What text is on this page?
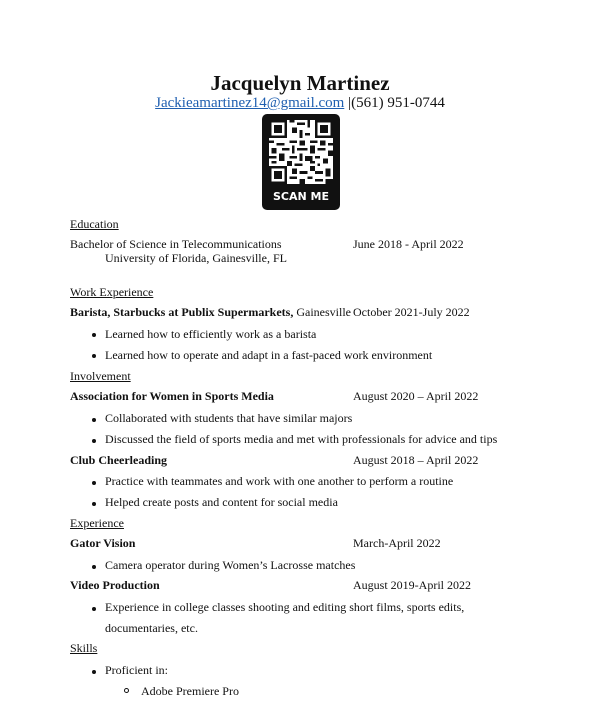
Jacquelyn Martinez
Jackieamartinez14@gmail.com |(561) 951-0744
SCAN ME
Education
Bachelor of Science in Telecommunications	June 2018 - April 2022
University of Florida, Gainesville, FL
Work Experience
Barista, Starbucks at Publix Supermarkets, Gainesville October 2021-July 2022
Learned how to efficiently work as a barista
Learned how to operate and adapt in a fast-paced work environment
Involvement
Association for Women in Sports Media	August 2020 – April 2022
Collaborated with students that have similar majors
Discussed the field of sports media and met with professionals for advice and tips
Club Cheerleading	August 2018 – April 2022
Practice with teammates and work with one another to perform a routine
Helped create posts and content for social media
Experience
Gator Vision	March-April 2022
Camera operator during Women’s Lacrosse matches
Video Production	August 2019-April 2022
Experience in college classes shooting and editing short films, sports edits,
documentaries, etc.
Skills
Proficient in:
Adobe Premiere Pro
